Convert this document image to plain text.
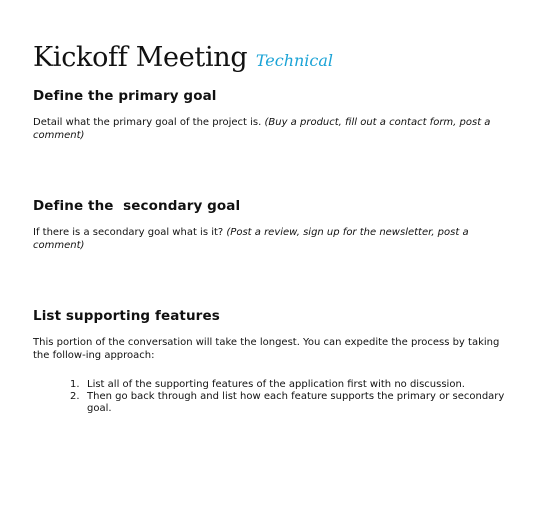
Kickoff Meeting Technical
Define the primary goal

Detail what the primary goal of the project is. (Buy a product, fill out a contact form, post a comment)

Define the  secondary goal

If there is a secondary goal what is it? (Post a review, sign up for the newsletter, post a comment)

List supporting features

This portion of the conversation will take the longest. You can expedite the process by taking the follow-ing approach:

1. List all of the supporting features of the application first with no discussion.
2. Then go back through and list how each feature supports the primary or secondary goal.
